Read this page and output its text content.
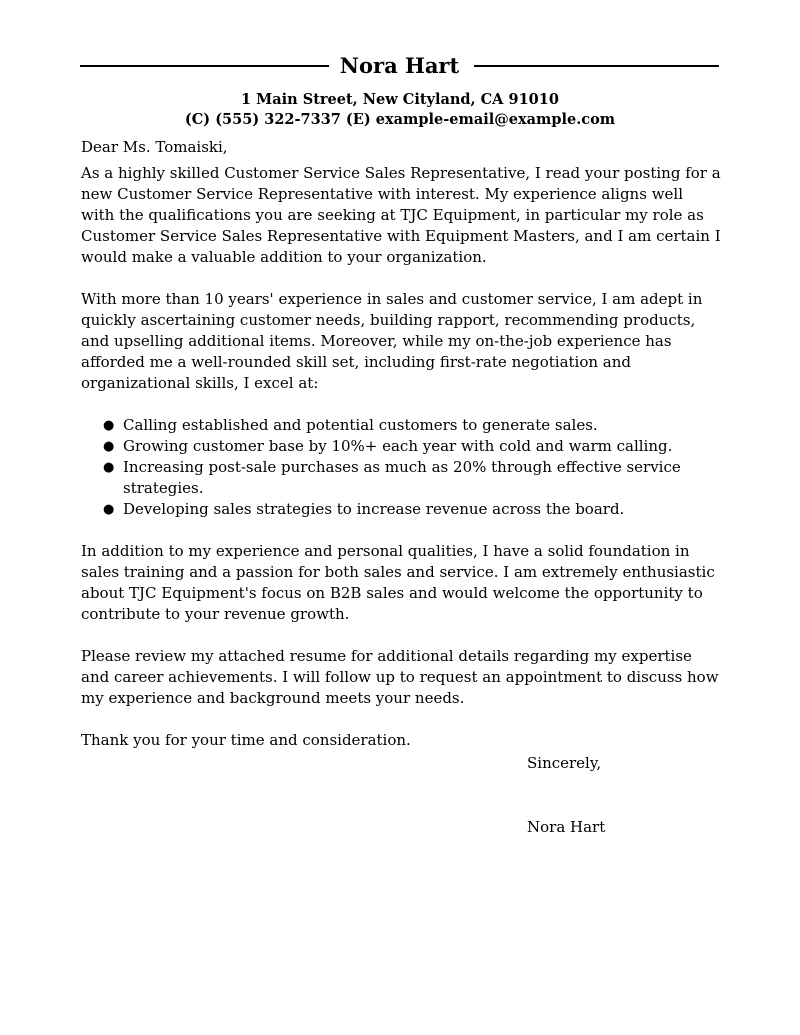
Nora Hart
1 Main Street, New Cityland, CA 91010
(C) (555) 322-7337 (E) example-email@example.com

Dear Ms. Tomaiski,

As a highly skilled Customer Service Sales Representative, I read your posting for a new Customer Service Representative with interest. My experience aligns well with the qualifications you are seeking at TJC Equipment, in particular my role as Customer Service Sales Representative with Equipment Masters, and I am certain I would make a valuable addition to your organization.

With more than 10 years' experience in sales and customer service, I am adept in quickly ascertaining customer needs, building rapport, recommending products, and upselling additional items. Moreover, while my on-the-job experience has afforded me a well-rounded skill set, including first-rate negotiation and organizational skills, I excel at:

● Calling established and potential customers to generate sales.
● Growing customer base by 10%+ each year with cold and warm calling.
● Increasing post-sale purchases as much as 20% through effective service strategies.
● Developing sales strategies to increase revenue across the board.

In addition to my experience and personal qualities, I have a solid foundation in sales training and a passion for both sales and service. I am extremely enthusiastic about TJC Equipment's focus on B2B sales and would welcome the opportunity to contribute to your revenue growth.

Please review my attached resume for additional details regarding my expertise and career achievements. I will follow up to request an appointment to discuss how my experience and background meets your needs.

Thank you for your time and consideration.

Sincerely,
Nora Hart
